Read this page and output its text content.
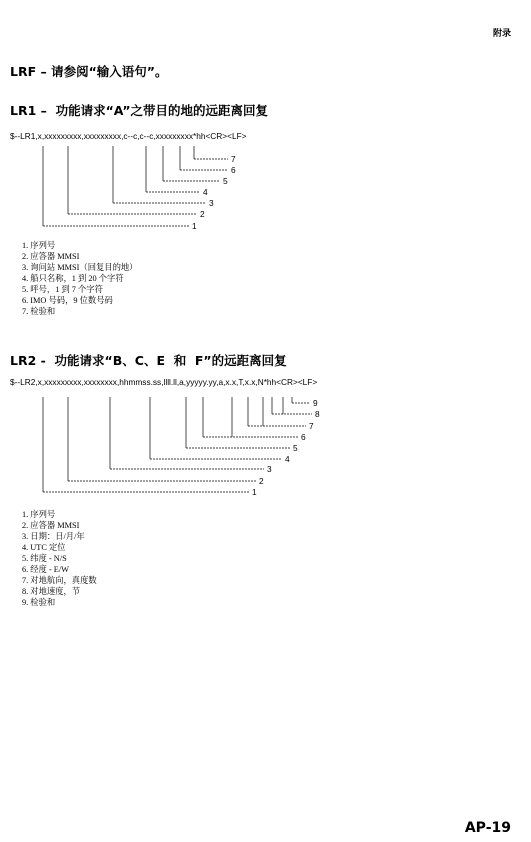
附录
LRF – 请参阅“输入语句”。
LR1 –  功能请求“A”之带目的地的远距离回复
$--LR1,x,xxxxxxxxx,xxxxxxxxx,c--c,c--c,xxxxxxxxx*hh<CR><LF>
7
6
5
4
3
2
1
1. 序列号
2. 应答器 MMSI
3. 询问站 MMSI（回复目的地）
4. 船只名称，1 到 20 个字符
5. 呼号，1 到 7 个字符
6. IMO 号码，9 位数号码
7. 检验和
LR2 -  功能请求“B、C、E  和  F”的远距离回复
$--LR2,x,xxxxxxxxx,xxxxxxxx,hhmmss.ss,llll.ll,a,yyyyy.yy,a,x.x,T,x.x,N*hh<CR><LF>
9
8
7
6
5
4
3
2
1
1. 序列号
2. 应答器 MMSI
3. 日期：日/月/年
4. UTC 定位
5. 纬度 - N/S
6. 经度 - E/W
7. 对地航向，真度数
8. 对地速度，节
9. 检验和
AP-19
